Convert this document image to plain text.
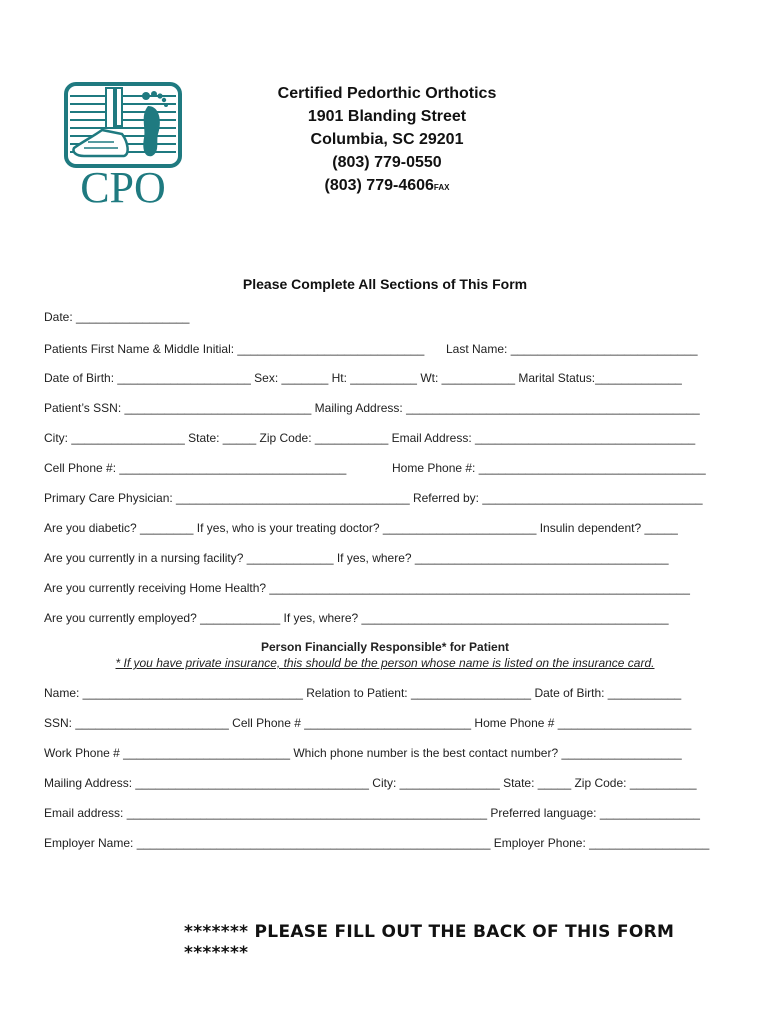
CPO
Certified Pedorthic Orthotics
1901 Blanding Street
Columbia, SC 29201
(803) 779-0550
(803) 779-4606FAX
Please Complete All Sections of This Form
Date: _________________
Patients First Name & Middle Initial: ____________________________ Last Name: ____________________________
Date of Birth: ____________________ Sex: _______ Ht: __________ Wt: ___________ Marital Status:_____________
Patient’s SSN: ____________________________ Mailing Address: ____________________________________________
City: _________________ State: _____ Zip Code: ___________ Email Address: _________________________________
Cell Phone #: __________________________________	Home Phone #: __________________________________
Primary Care Physician: ___________________________________ Referred by: _________________________________
Are you diabetic? ________ If yes, who is your treating doctor? _______________________ Insulin dependent? _____
Are you currently in a nursing facility? _____________ If yes, where? ______________________________________
Are you currently receiving Home Health? _______________________________________________________________
Are you currently employed? ____________ If yes, where? ______________________________________________
Person Financially Responsible* for Patient
* If you have private insurance, this should be the person whose name is listed on the insurance card.
Name: _________________________________ Relation to Patient: __________________ Date of Birth: ___________
SSN: _______________________ Cell Phone # _________________________ Home Phone # ____________________
Work Phone # _________________________ Which phone number is the best contact number? __________________
Mailing Address: ___________________________________ City: _______________ State: _____ Zip Code: __________
Email address: ______________________________________________________ Preferred language: _______________
Employer Name: _____________________________________________________ Employer Phone: __________________
******* PLEASE FILL OUT THE BACK OF THIS FORM
*******
